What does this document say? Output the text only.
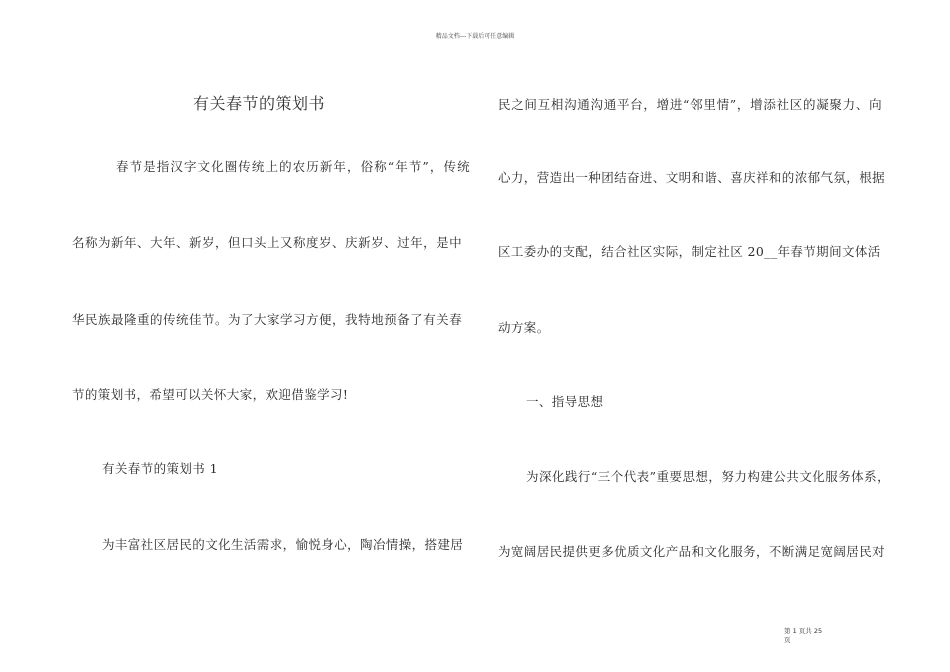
精品文档---下载后可任意编辑
有关春节的策划书
春节是指汉字文化圈传统上的农历新年，俗称“年节”，传统
名称为新年、大年、新岁，但口头上又称度岁、庆新岁、过年，是中
华民族最隆重的传统佳节。为了大家学习方便，我特地预备了有关春
节的策划书，希望可以关怀大家，欢迎借鉴学习!
有关春节的策划书 1
为丰富社区居民的文化生活需求，愉悦身心，陶冶情操，搭建居
民之间互相沟通沟通平台，增进“邻里情”，增添社区的凝聚力、向
心力，营造出一种团结奋进、文明和谐、喜庆祥和的浓郁气氛，根据
区工委办的支配，结合社区实际，制定社区 20__年春节期间文体活
动方案。
一、指导思想
为深化践行“三个代表”重要思想，努力构建公共文化服务体系，
为宽阔居民提供更多优质文化产品和文化服务，不断满足宽阔居民对
第 1 页共 25 页
